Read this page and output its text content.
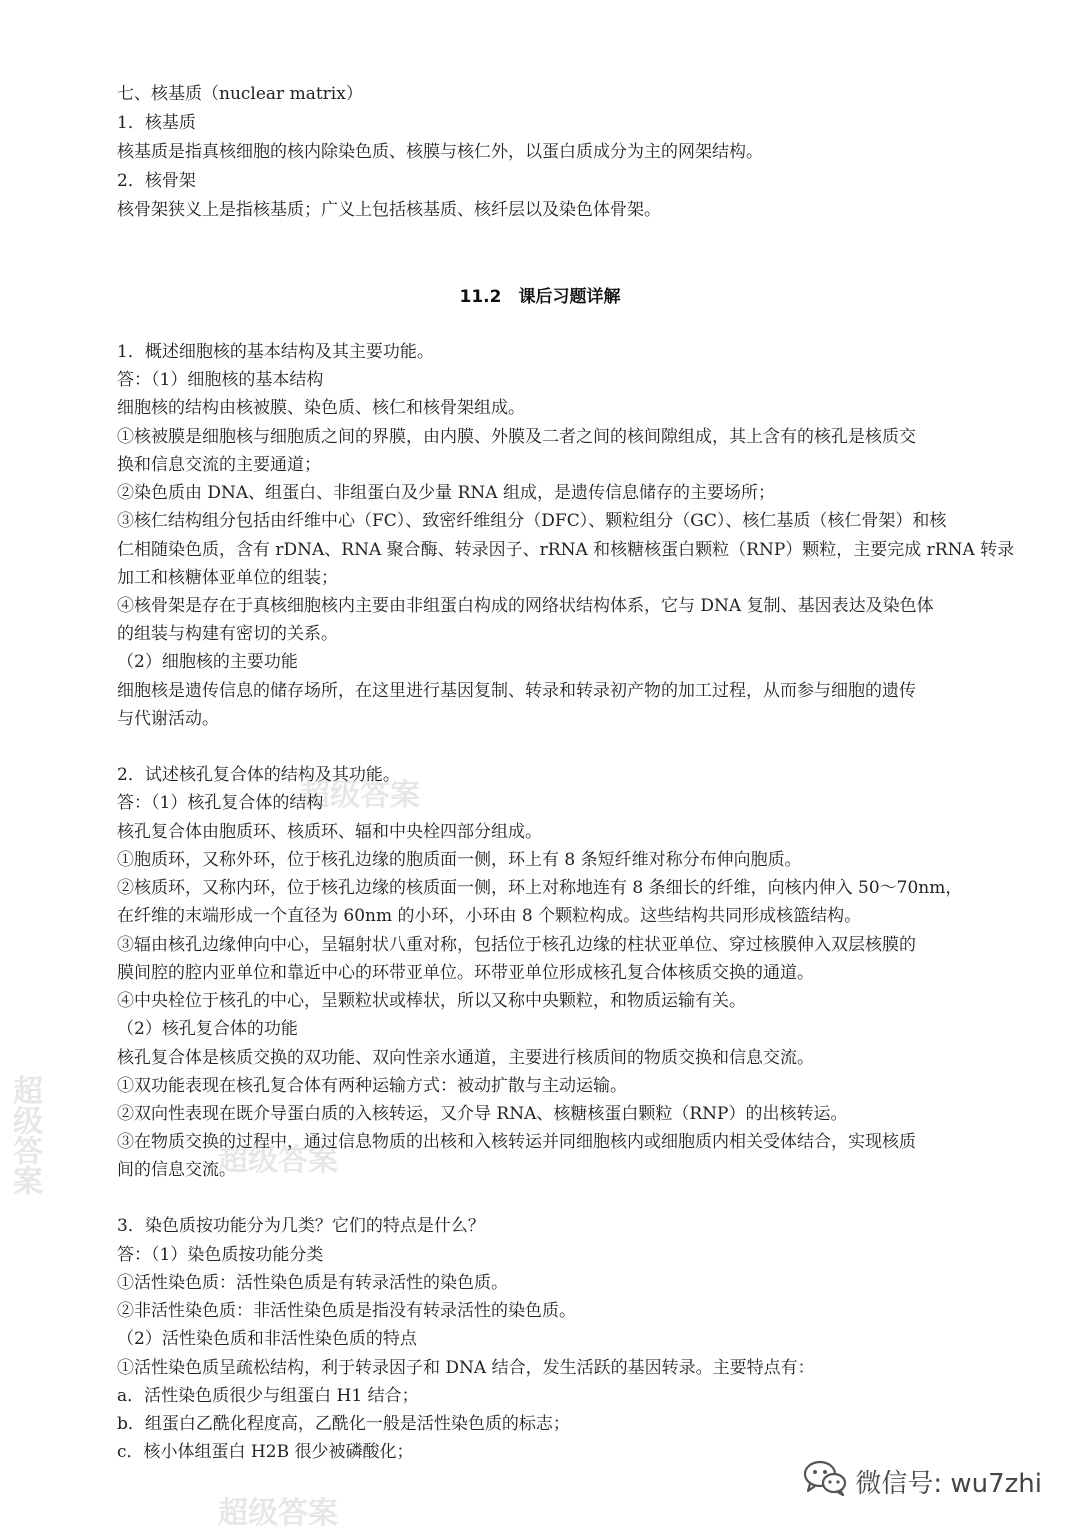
超级答案
超级答案
超级答案
超级答案
七、核基质（nuclear matrix）
1．核基质
核基质是指真核细胞的核内除染色质、核膜与核仁外，以蛋白质成分为主的网架结构。
2．核骨架
核骨架狭义上是指核基质；广义上包括核基质、核纤层以及染色体骨架。
11.2　课后习题详解
1．概述细胞核的基本结构及其主要功能。
答：（1）细胞核的基本结构
细胞核的结构由核被膜、染色质、核仁和核骨架组成。
①核被膜是细胞核与细胞质之间的界膜，由内膜、外膜及二者之间的核间隙组成，其上含有的核孔是核质交
换和信息交流的主要通道；
②染色质由 DNA、组蛋白、非组蛋白及少量 RNA 组成，是遗传信息储存的主要场所；
③核仁结构组分包括由纤维中心（FC）、致密纤维组分（DFC）、颗粒组分（GC）、核仁基质（核仁骨架）和核
仁相随染色质，含有 rDNA、RNA 聚合酶、转录因子、rRNA 和核糖核蛋白颗粒（RNP）颗粒，主要完成 rRNA 转录
加工和核糖体亚单位的组装；
④核骨架是存在于真核细胞核内主要由非组蛋白构成的网络状结构体系，它与 DNA 复制、基因表达及染色体
的组装与构建有密切的关系。
（2）细胞核的主要功能
细胞核是遗传信息的储存场所，在这里进行基因复制、转录和转录初产物的加工过程，从而参与细胞的遗传
与代谢活动。
2．试述核孔复合体的结构及其功能。
答：（1）核孔复合体的结构
核孔复合体由胞质环、核质环、辐和中央栓四部分组成。
①胞质环，又称外环，位于核孔边缘的胞质面一侧，环上有 8 条短纤维对称分布伸向胞质。
②核质环，又称内环，位于核孔边缘的核质面一侧，环上对称地连有 8 条细长的纤维，向核内伸入 50～70nm，
在纤维的末端形成一个直径为 60nm 的小环，小环由 8 个颗粒构成。这些结构共同形成核篮结构。
③辐由核孔边缘伸向中心，呈辐射状八重对称，包括位于核孔边缘的柱状亚单位、穿过核膜伸入双层核膜的
膜间腔的腔内亚单位和靠近中心的环带亚单位。环带亚单位形成核孔复合体核质交换的通道。
④中央栓位于核孔的中心，呈颗粒状或棒状，所以又称中央颗粒，和物质运输有关。
（2）核孔复合体的功能
核孔复合体是核质交换的双功能、双向性亲水通道，主要进行核质间的物质交换和信息交流。
①双功能表现在核孔复合体有两种运输方式：被动扩散与主动运输。
②双向性表现在既介导蛋白质的入核转运，又介导 RNA、核糖核蛋白颗粒（RNP）的出核转运。
③在物质交换的过程中，通过信息物质的出核和入核转运并同细胞核内或细胞质内相关受体结合，实现核质
间的信息交流。
3．染色质按功能分为几类？它们的特点是什么？
答：（1）染色质按功能分类
①活性染色质：活性染色质是有转录活性的染色质。
②非活性染色质：非活性染色质是指没有转录活性的染色质。
（2）活性染色质和非活性染色质的特点
①活性染色质呈疏松结构，利于转录因子和 DNA 结合，发生活跃的基因转录。主要特点有：
a．活性染色质很少与组蛋白 H1 结合；
b．组蛋白乙酰化程度高，乙酰化一般是活性染色质的标志；
c．核小体组蛋白 H2B 很少被磷酸化；
微信号: wu7zhi
